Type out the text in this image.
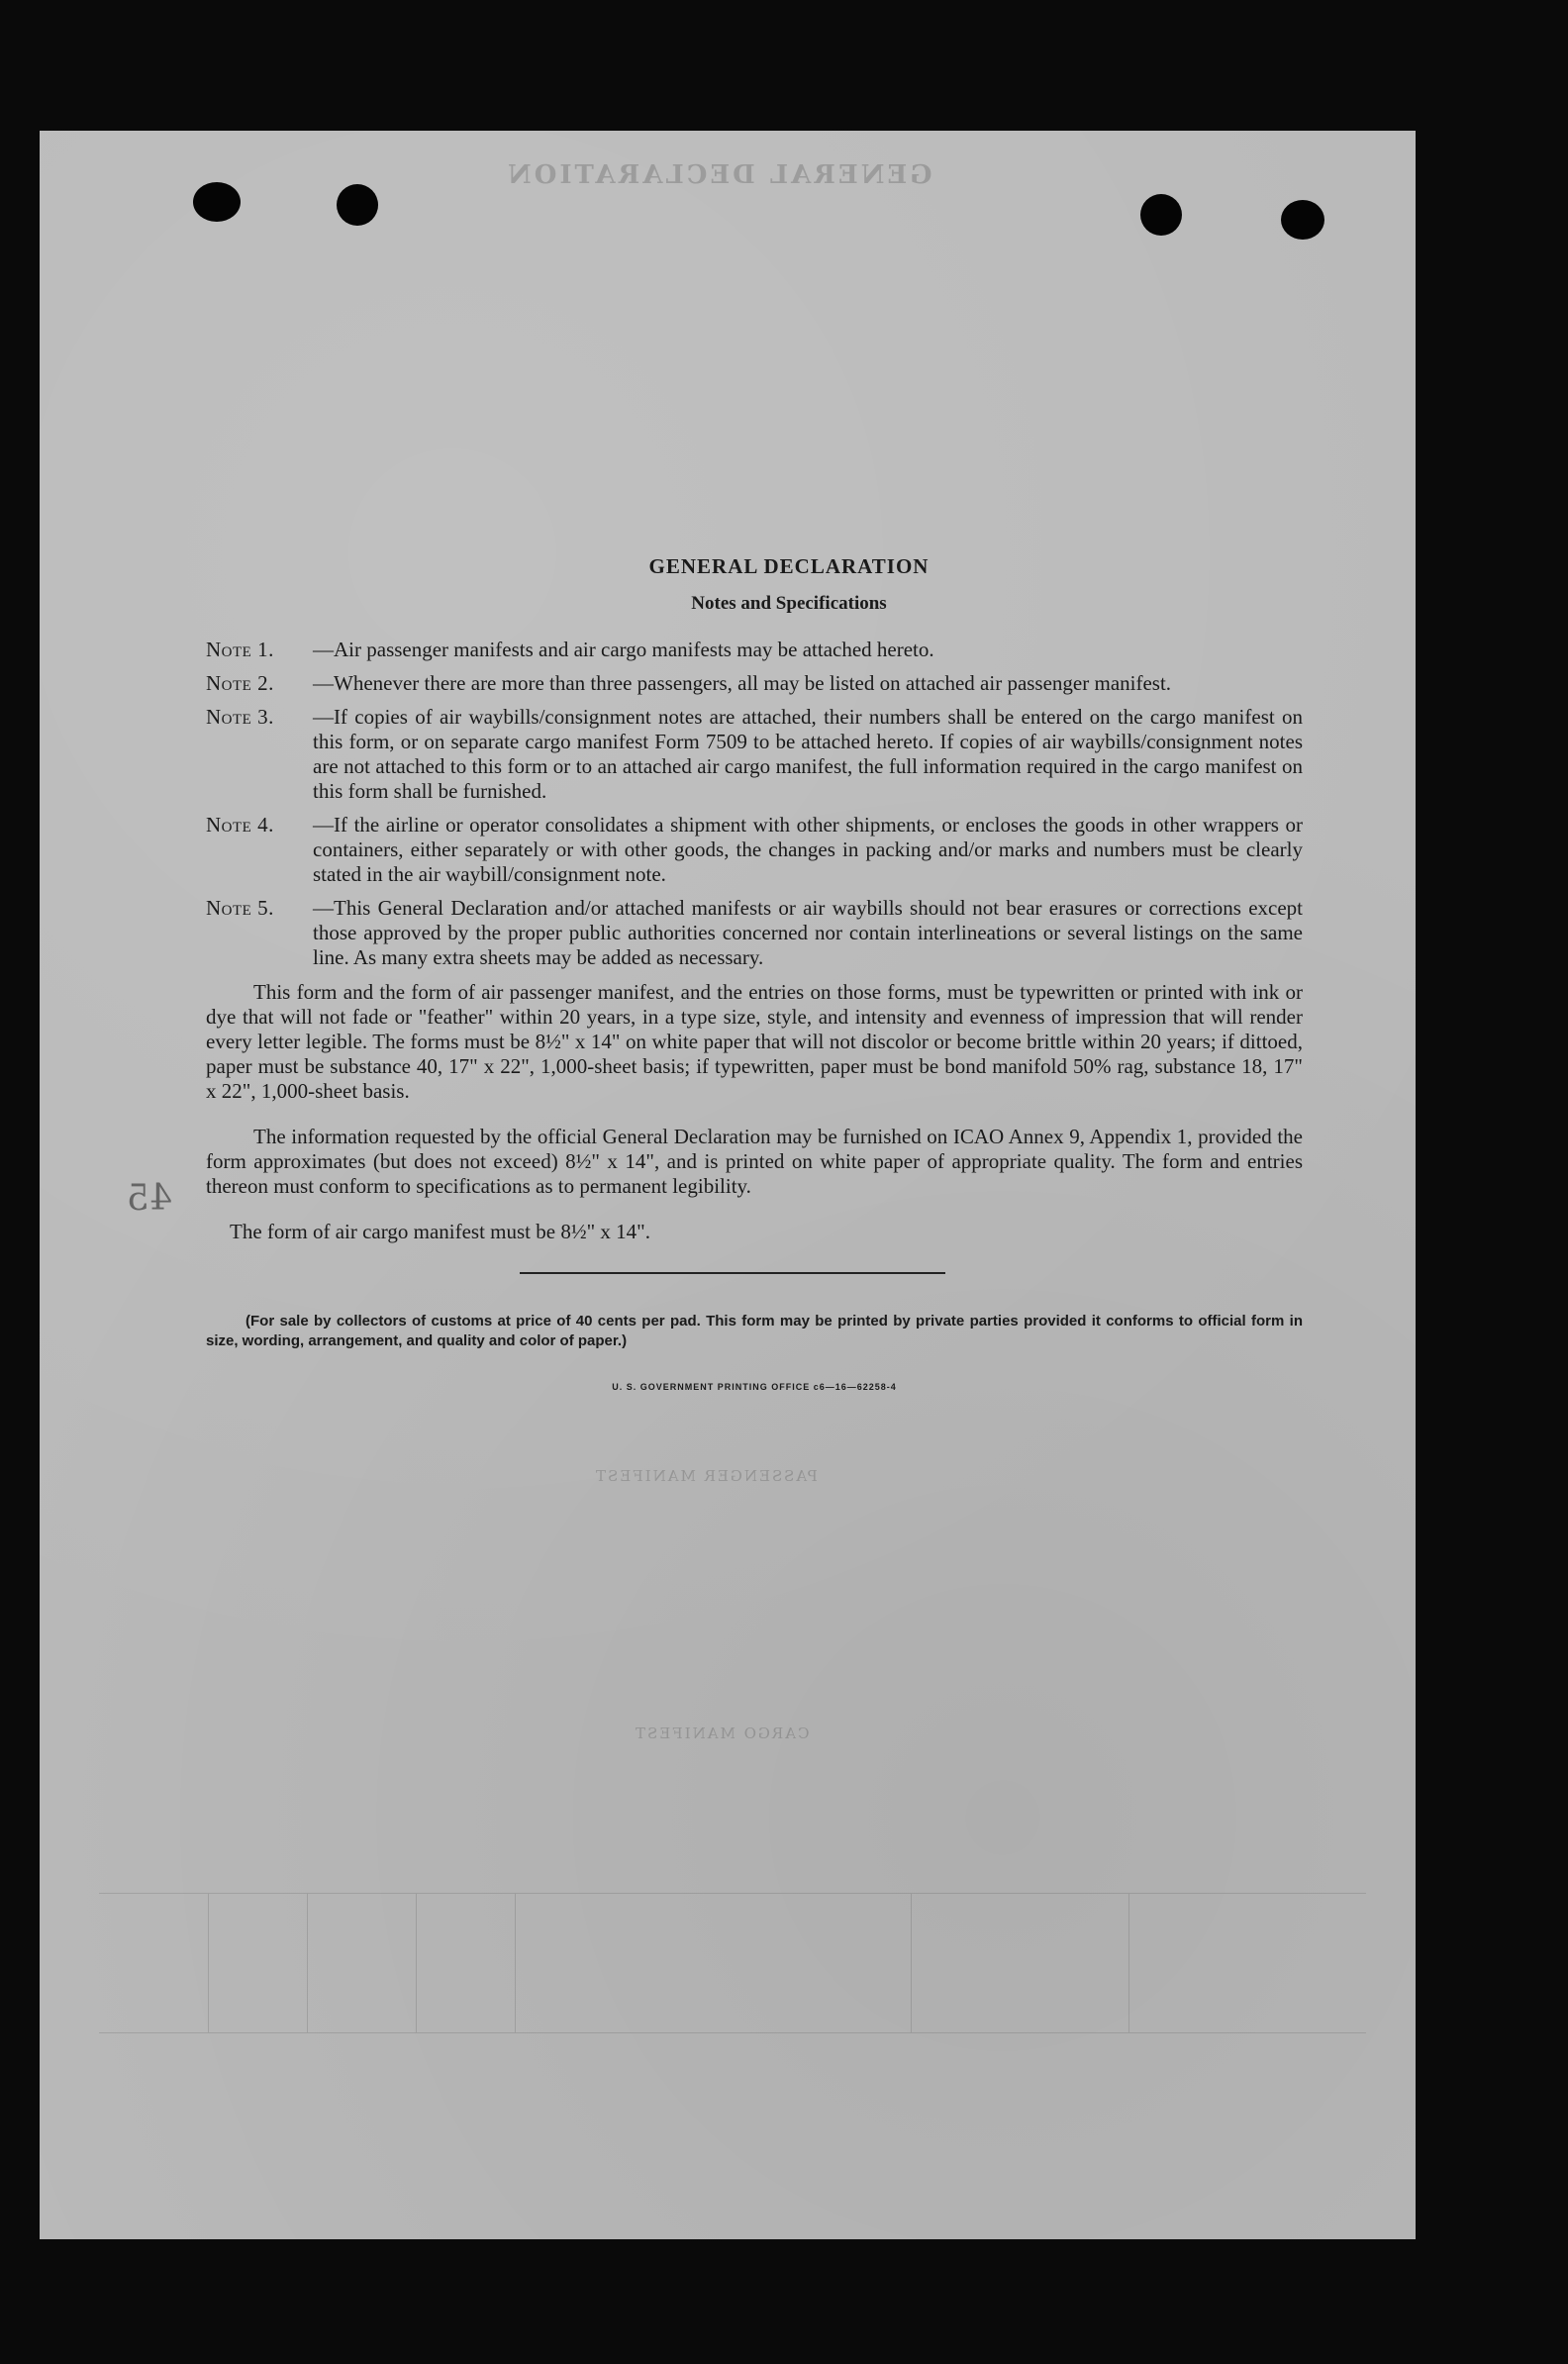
GENERAL DECLARATION
PASSENGER MANIFEST
CARGO MANIFEST
45
GENERAL DECLARATION
Notes and Specifications
Note 1.	—Air passenger manifests and air cargo manifests may be attached hereto.
Note 2.	—Whenever there are more than three passengers, all may be listed on attached air passenger manifest.
Note 3.	—If copies of air waybills/consignment notes are attached, their numbers shall be entered on the cargo manifest on this form, or on separate cargo manifest Form 7509 to be attached hereto. If copies of air waybills/consignment notes are not attached to this form or to an attached air cargo manifest, the full information required in the cargo manifest on this form shall be furnished.
Note 4.	—If the airline or operator consolidates a shipment with other shipments, or encloses the goods in other wrappers or containers, either separately or with other goods, the changes in packing and/or marks and numbers must be clearly stated in the air waybill/consignment note.
Note 5.	—This General Declaration and/or attached manifests or air waybills should not bear erasures or corrections except those approved by the proper public authorities concerned nor contain interlineations or several listings on the same line. As many extra sheets may be added as necessary.

This form and the form of air passenger manifest, and the entries on those forms, must be typewritten or printed with ink or dye that will not fade or "feather" within 20 years, in a type size, style, and intensity and evenness of impression that will render every letter legible. The forms must be 8½" x 14" on white paper that will not discolor or become brittle within 20 years; if dittoed, paper must be substance 40, 17" x 22", 1,000-sheet basis; if typewritten, paper must be bond manifold 50% rag, substance 18, 17" x 22", 1,000-sheet basis.

The information requested by the official General Declaration may be furnished on ICAO Annex 9, Appendix 1, provided the form approximates (but does not exceed) 8½" x 14", and is printed on white paper of appropriate quality. The form and entries thereon must conform to specifications as to permanent legibility.

The form of air cargo manifest must be 8½" x 14".

(For sale by collectors of customs at price of 40 cents per pad. This form may be printed by private parties provided it conforms to official form in size, wording, arrangement, and quality and color of paper.)
U. S. GOVERNMENT PRINTING OFFICE c6—16—62258-4
